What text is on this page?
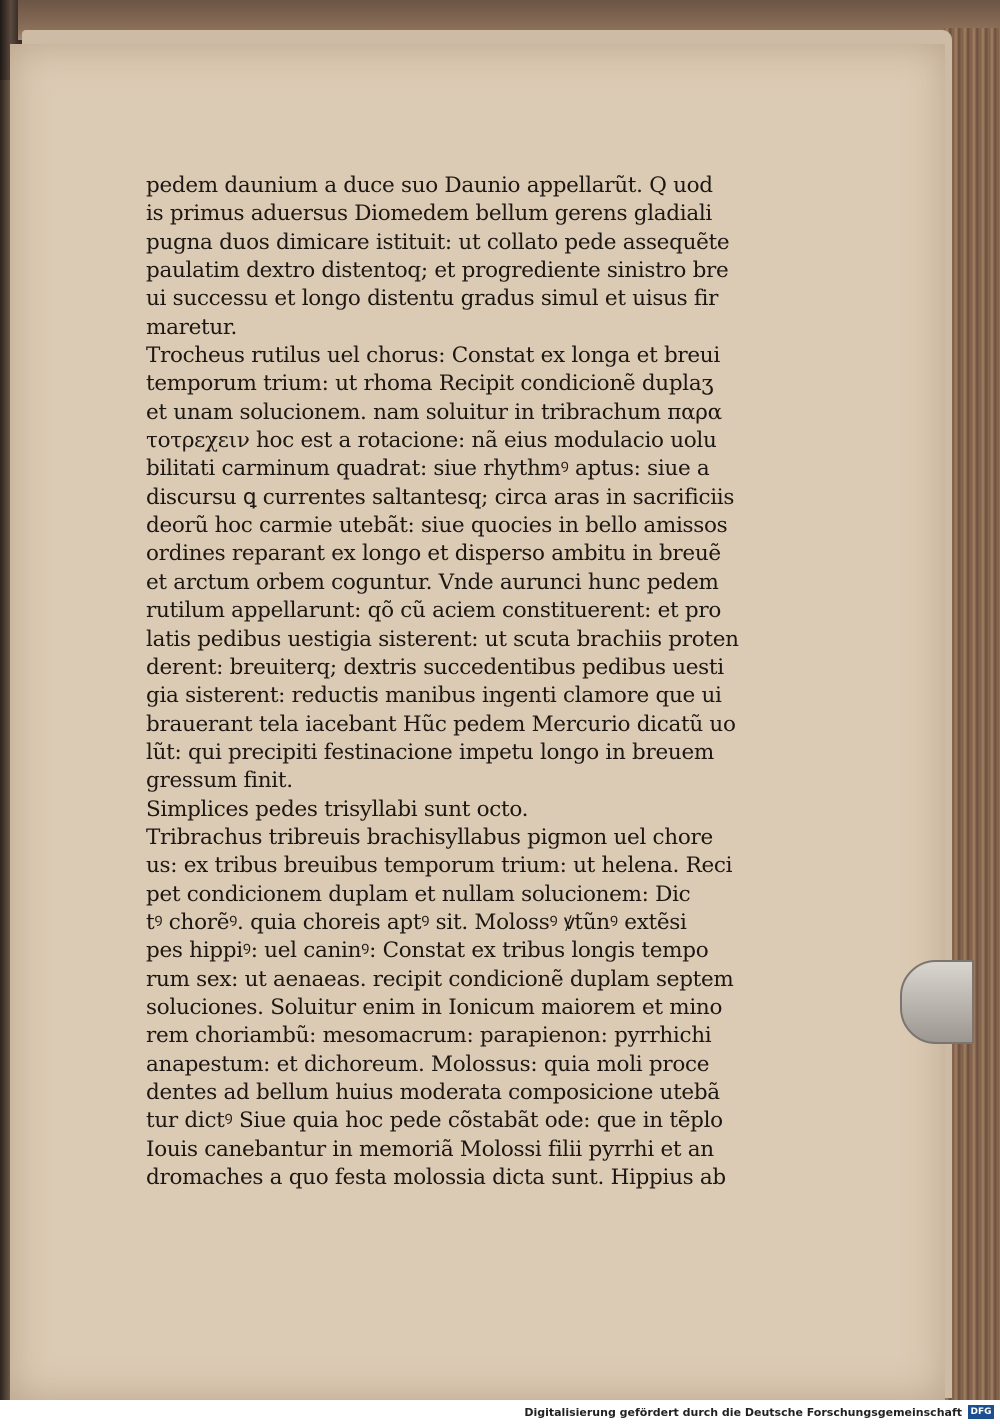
pedem daunium a duce suo Daunio appellarũt. Q uod
is primus aduersus Diomedem bellum gerens gladiali
pugna duos dimicare istituit: ut collato pede assequẽte
paulatim dextro distentoq; et progrediente sinistro bre
ui successu et longo distentu gradus simul et uisus fir
maretur.
Trocheus rutilus uel chorus: Constat ex longa et breui
temporum trium: ut rhoma Recipit condicionẽ duplaʒ
et unam solucionem. nam soluitur in tribrachum παρα
τοτρεχειν hoc est a rotacione: nã eius modulacio uolu
bilitati carminum quadrat: siue rhythmꝰ aptus: siue a
discursu ꝗ currentes saltantesq; circa aras in sacrificiis
deorũ hoc carmie utebãt: siue quocies in bello amissos
ordines reparant ex longo et disperso ambitu in breuẽ
et arctum orbem coguntur. Vnde aurunci hunc pedem
rutilum appellarunt: qõ cũ aciem constituerent: et pro
latis pedibus uestigia sisterent: ut scuta brachiis proten
derent: breuiterq; dextris succedentibus pedibus uesti
gia sisterent: reductis manibus ingenti clamore que ui
brauerant tela iacebant Hũc pedem Mercurio dicatũ uo
lũt: qui precipiti festinacione impetu longo in breuem
gressum finit.
Simplices pedes trisyllabi sunt octo.
Tribrachus tribreuis brachisyllabus pigmon uel chore
us: ex tribus breuibus temporum trium: ut helena. Reci
pet condicionem duplam et nullam solucionem: Dic
tꝰ chorẽꝰ. quia choreis aptꝰ sit. Molossꝰ ꝟtũnꝰ extẽsi
pes hippiꝰ: uel caninꝰ: Constat ex tribus longis tempo
rum sex: ut aenaeas. recipit condicionẽ duplam septem
soluciones. Soluitur enim in Ionicum maiorem et mino
rem choriambũ: mesomacrum: parapienon: pyrrhichi
anapestum: et dichoreum. Molossus: quia moli proce
dentes ad bellum huius moderata composicione utebã
tur dictꝰ Siue quia hoc pede cõstabãt ode: que in tẽplo
Iouis canebantur in memoriã Molossi filii pyrrhi et an
dromaches a quo festa molossia dicta sunt. Hippius ab
Digitalisierung gefördert durch die Deutsche Forschungsgemeinschaft DFG
